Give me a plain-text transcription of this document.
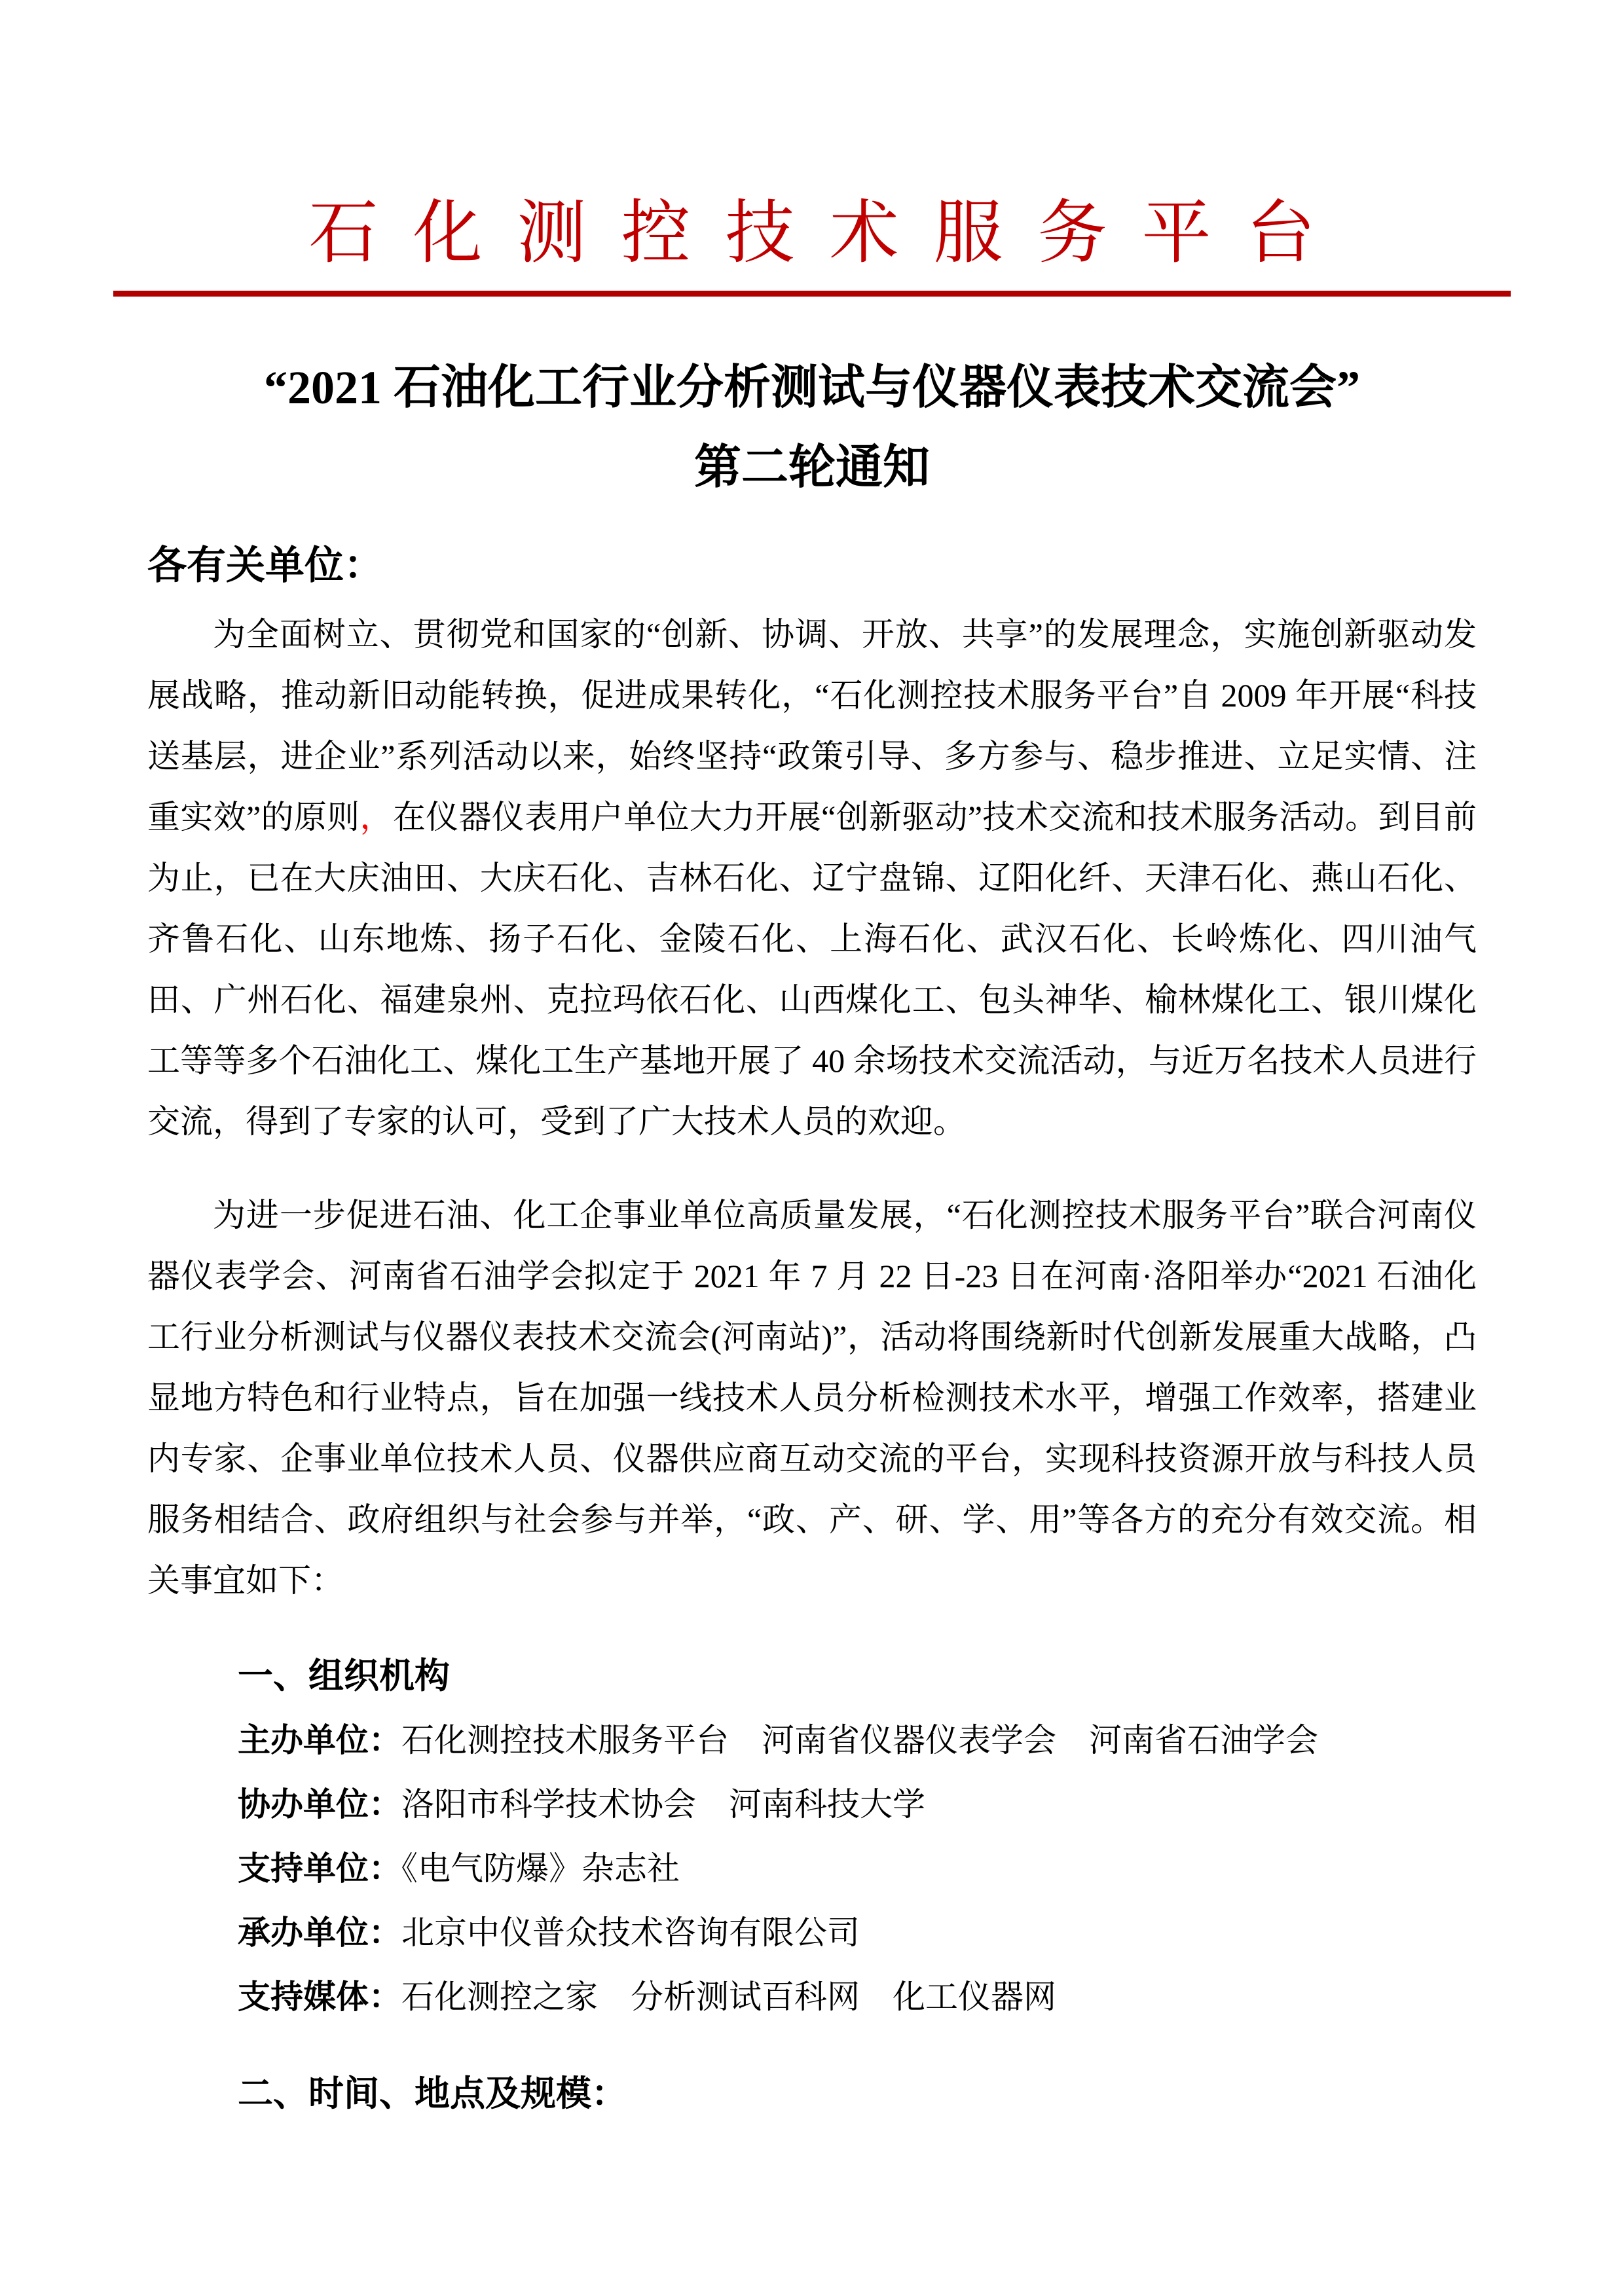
石化测控技术服务平台
“2021 石油化工行业分析测试与仪器仪表技术交流会”
第二轮通知
各有关单位：

为全面树立、贯彻党和国家的“创新、协调、开放、共享”的发展理念，实施创新驱动发展战略，推动新旧动能转换，促进成果转化，“石化测控技术服务平台”自 2009 年开展“科技送基层，进企业”系列活动以来，始终坚持“政策引导、多方参与、稳步推进、立足实情、注重实效”的原则，在仪器仪表用户单位大力开展“创新驱动”技术交流和技术服务活动。到目前为止，已在大庆油田、大庆石化、吉林石化、辽宁盘锦、辽阳化纤、天津石化、燕山石化、齐鲁石化、山东地炼、扬子石化、金陵石化、上海石化、武汉石化、长岭炼化、四川油气田、广州石化、福建泉州、克拉玛依石化、山西煤化工、包头神华、榆林煤化工、银川煤化工等等多个石油化工、煤化工生产基地开展了 40 余场技术交流活动，与近万名技术人员进行交流，得到了专家的认可，受到了广大技术人员的欢迎。

为进一步促进石油、化工企事业单位高质量发展，“石化测控技术服务平台”联合河南仪器仪表学会、河南省石油学会拟定于 2021 年 7 月 22 日-23 日在河南·洛阳举办“2021 石油化工行业分析测试与仪器仪表技术交流会(河南站)”，活动将围绕新时代创新发展重大战略，凸显地方特色和行业特点，旨在加强一线技术人员分析检测技术水平，增强工作效率，搭建业内专家、企事业单位技术人员、仪器供应商互动交流的平台，实现科技资源开放与科技人员服务相结合、政府组织与社会参与并举，“政、产、研、学、用”等各方的充分有效交流。相关事宜如下：

一、组织机构
主办单位：石化测控技术服务平台　河南省仪器仪表学会　河南省石油学会
协办单位：洛阳市科学技术协会　河南科技大学
支持单位：《电气防爆》杂志社
承办单位：北京中仪普众技术咨询有限公司
支持媒体：石化测控之家　分析测试百科网　化工仪器网
二、时间、地点及规模：
